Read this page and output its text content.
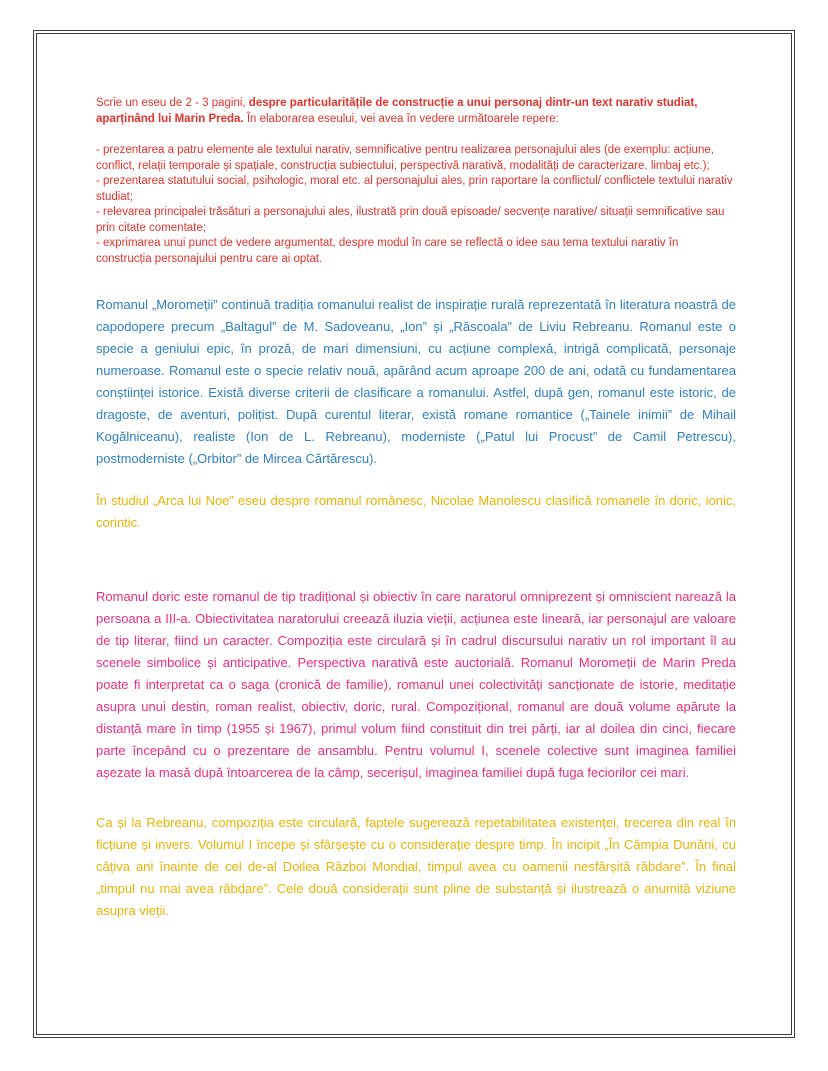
Scrie un eseu de 2 - 3 pagini, despre particularitățile de construcție a unui personaj dintr-un text narativ studiat, aparținând lui Marin Preda. În elaborarea eseului, vei avea în vedere următoarele repere:

- prezentarea a patru elemente ale textului narativ, semnificative pentru realizarea personajului ales (de exemplu: acțiune, conflict, relații temporale și spațiale, construcția subiectului, perspectivă narativă, modalități de caracterizare, limbaj etc.);

- prezentarea statutului social, psihologic, moral etc. al personajului ales, prin raportare la conflictul/ conflictele textului narativ studiat;

- relevarea principalei trăsături a personajului ales, ilustrată prin două episoade/ secvențe narative/ situații semnificative sau prin citate comentate;

- exprimarea unui punct de vedere argumentat, despre modul în care se reflectă o idee sau tema textului narativ în construcția personajului pentru care ai optat.

Romanul „Moromeții” continuă tradiția romanului realist de inspirație rurală reprezentată în literatura noastră de capodopere precum „Baltagul” de M. Sadoveanu, „Ion” și „Răscoala” de Liviu Rebreanu. Romanul este o specie a geniului epic, în proză, de mari dimensiuni, cu acțiune complexă, intrigă complicată, personaje numeroase. Romanul este o specie relativ nouă, apărând acum aproape 200 de ani, odată cu fundamentarea conștiinței istorice. Există diverse criterii de clasificare a romanului. Astfel, după gen, romanul este istoric, de dragoste, de aventuri, polițist. După curentul literar, există romane romantice („Tainele inimii” de Mihail Kogălniceanu), realiste (Ion de L. Rebreanu), moderniste („Patul lui Procust” de Camil Petrescu), postmoderniste („Orbitor” de Mircea Cărtărescu).

În studiul „Arca lui Noe” eseu despre romanul românesc, Nicolae Manolescu clasifică romanele în doric, ionic, corintic.

Romanul doric este romanul de tip tradițional și obiectiv în care naratorul omniprezent și omniscient narează la persoana a III-a. Obiectivitatea naratorului creează iluzia vieții, acțiunea este lineară, iar personajul are valoare de tip literar, fiind un caracter. Compoziția este circulară și în cadrul discursului narativ un rol important îl au scenele simbolice și anticipative. Perspectiva narativă este auctorială. Romanul Moromeții de Marin Preda poate fi interpretat ca o saga (cronică de familie), romanul unei colectivități sancționate de istorie, meditație asupra unui destin, roman realist, obiectiv, doric, rural. Compozițional, romanul are două volume apărute la distanță mare în timp (1955 și 1967), primul volum fiind constituit din trei părți, iar al doilea din cinci, fiecare parte începând cu o prezentare de ansamblu. Pentru volumul I, scenele colective sunt imaginea familiei așezate la masă după întoarcerea de la câmp, secerișul, imaginea familiei după fuga feciorilor cei mari.

Ca și la Rebreanu, compoziția este circulară, faptele sugerează repetabilitatea existenței, trecerea din real în ficțiune și invers. Volumul I începe și sfârșește cu o considerație despre timp. În incipit „În Câmpia Dunării, cu câțiva ani înainte de cel de-al Doilea Război Mondial, timpul avea cu oamenii nesfârșită răbdare”. În final „timpul nu mai avea răbdare”. Cele două considerații sunt pline de substanță și ilustrează o anumită viziune asupra vieții.
